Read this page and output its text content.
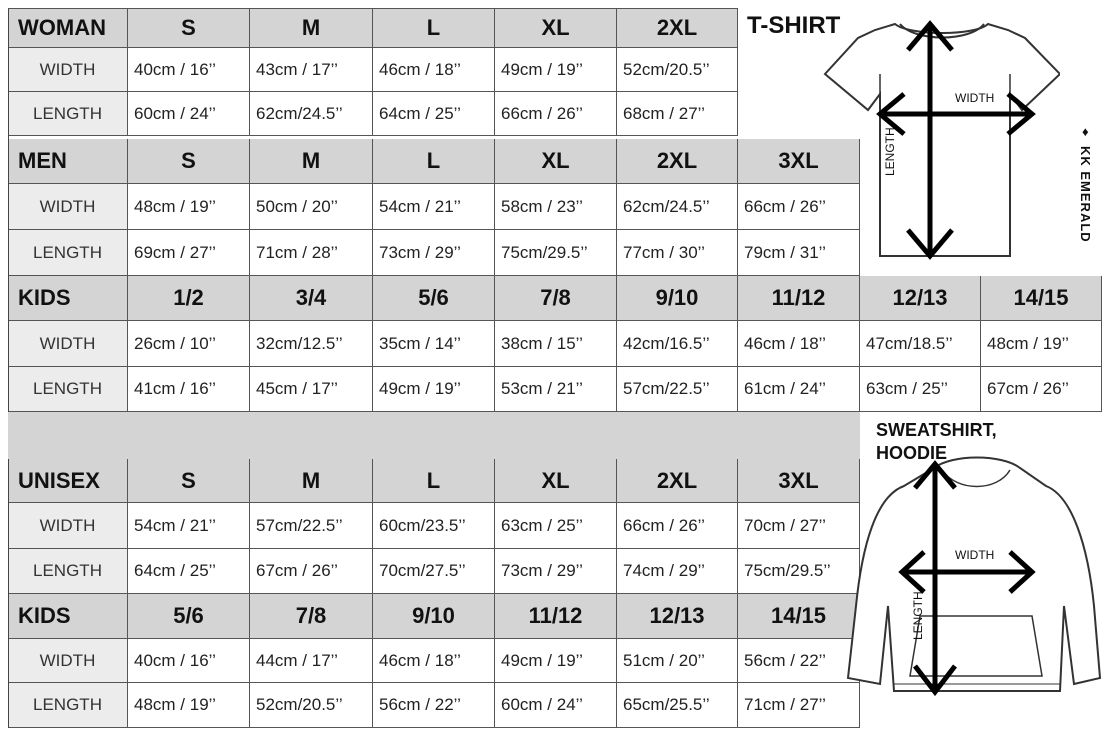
WOMAN	S	M	L	XL	2XL
WIDTH	40cm / 16’’	43cm / 17’’	46cm / 18’’	49cm / 19’’	52cm/20.5’’
LENGTH	60cm / 24’’	62cm/24.5’’	64cm / 25’’	66cm / 26’’	68cm / 27’’
MEN	S	M	L	XL	2XL	3XL
WIDTH	48cm / 19’’	50cm / 20’’	54cm / 21’’	58cm / 23’’	62cm/24.5’’	66cm / 26’’
LENGTH	69cm / 27’’	71cm / 28’’	73cm / 29’’	75cm/29.5’’	77cm / 30’’	79cm / 31’’
KIDS	1/2	3/4	5/6	7/8	9/10	11/12	12/13	14/15
WIDTH	26cm / 10’’	32cm/12.5’’	35cm / 14’’	38cm / 15’’	42cm/16.5’’	46cm / 18’’	47cm/18.5’’	48cm / 19’’
LENGTH	41cm / 16’’	45cm / 17’’	49cm / 19’’	53cm / 21’’	57cm/22.5’’	61cm / 24’’	63cm / 25’’	67cm / 26’’
UNISEX	S	M	L	XL	2XL	3XL
WIDTH	54cm / 21’’	57cm/22.5’’	60cm/23.5’’	63cm / 25’’	66cm / 26’’	70cm / 27’’
LENGTH	64cm / 25’’	67cm / 26’’	70cm/27.5’’	73cm / 29’’	74cm / 29’’	75cm/29.5’’
KIDS	5/6	7/8	9/10	11/12	12/13	14/15
WIDTH	40cm / 16’’	44cm / 17’’	46cm / 18’’	49cm / 19’’	51cm / 20’’	56cm / 22’’
LENGTH	48cm / 19’’	52cm/20.5’’	56cm / 22’’	60cm / 24’’	65cm/25.5’’	71cm / 27’’
T-SHIRT
WIDTH
LENGTH	♦
KK EMERALD
SWEATSHIRT,
HOODIE
WIDTH
LENGTH
